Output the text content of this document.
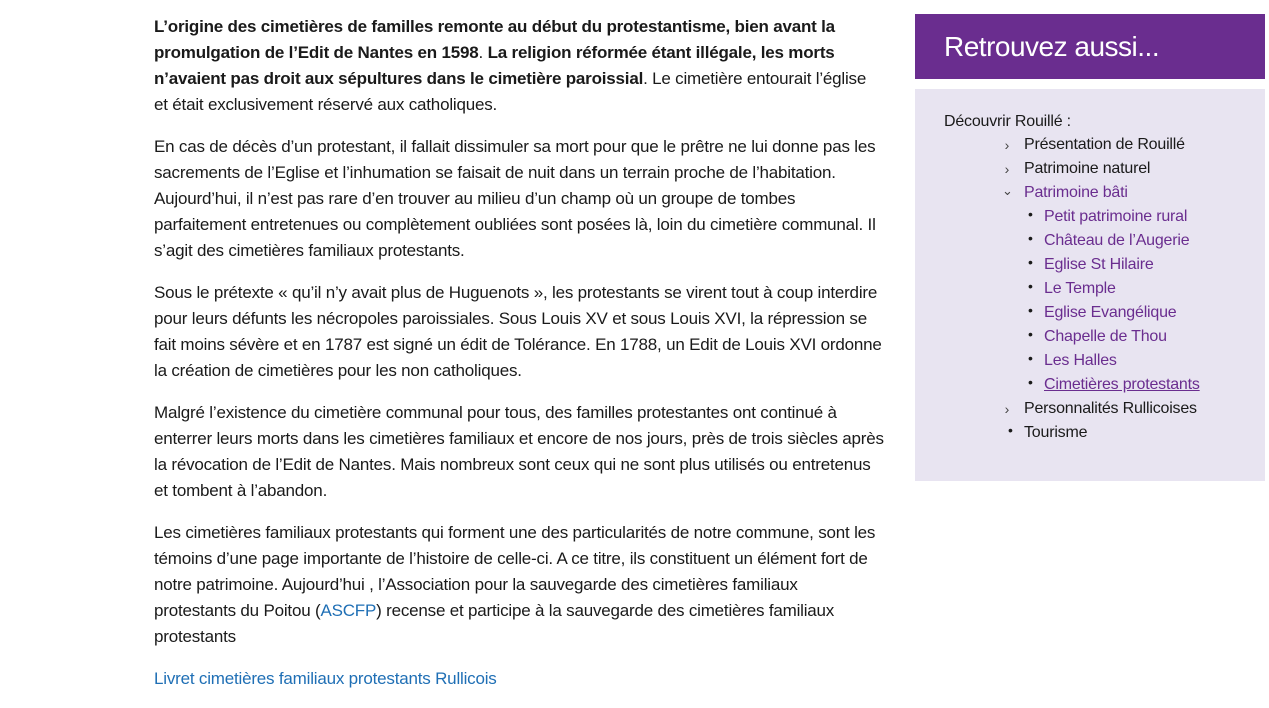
L’origine des cimetières de familles remonte au début du protestantisme, bien avant la promulgation de l’Edit de Nantes en 1598. La religion réformée étant illégale, les morts n’avaient pas droit aux sépultures dans le cimetière paroissial. Le cimetière entourait l’église et était exclusivement réservé aux catholiques.

En cas de décès d’un protestant, il fallait dissimuler sa mort pour que le prêtre ne lui donne pas les sacrements de l’Eglise et l’inhumation se faisait de nuit dans un terrain proche de l’habitation. Aujourd’hui, il n’est pas rare d’en trouver au milieu d’un champ où un groupe de tombes parfaitement entretenues ou complètement oubliées sont posées là, loin du cimetière communal. Il s’agit des cimetières familiaux protestants.

Sous le prétexte « qu’il n’y avait plus de Huguenots », les protestants se virent tout à coup interdire pour leurs défunts les nécropoles paroissiales. Sous Louis XV et sous Louis XVI, la répression se fait moins sévère et en 1787 est signé un édit de Tolérance. En 1788, un Edit de Louis XVI ordonne la création de cimetières pour les non catholiques.

Malgré l’existence du cimetière communal pour tous, des familles protestantes ont continué à enterrer leurs morts dans les cimetières familiaux et encore de nos jours, près de trois siècles après la révocation de l’Edit de Nantes. Mais nombreux sont ceux qui ne sont plus utilisés ou entretenus et tombent à l’abandon.

Les cimetières familiaux protestants qui forment une des particularités de notre commune, sont les témoins d’une page importante de l’histoire de celle-ci. A ce titre, ils constituent un élément fort de notre patrimoine. Aujourd’hui , l’Association pour la sauvegarde des cimetières familiaux protestants du Poitou (ASCFP) recense et participe à la sauvegarde des cimetières familiaux protestants

Livret cimetières familiaux protestants Rullicois

Retrouvez aussi...
Découvrir Rouillé :
› Présentation de Rouillé
› Patrimoine naturel
⌄ Patrimoine bâti
• Petit patrimoine rural
• Château de l’Augerie
• Eglise St Hilaire
• Le Temple
• Eglise Evangélique
• Chapelle de Thou
• Les Halles
• Cimetières protestants
› Personnalités Rullicoises
• Tourisme
